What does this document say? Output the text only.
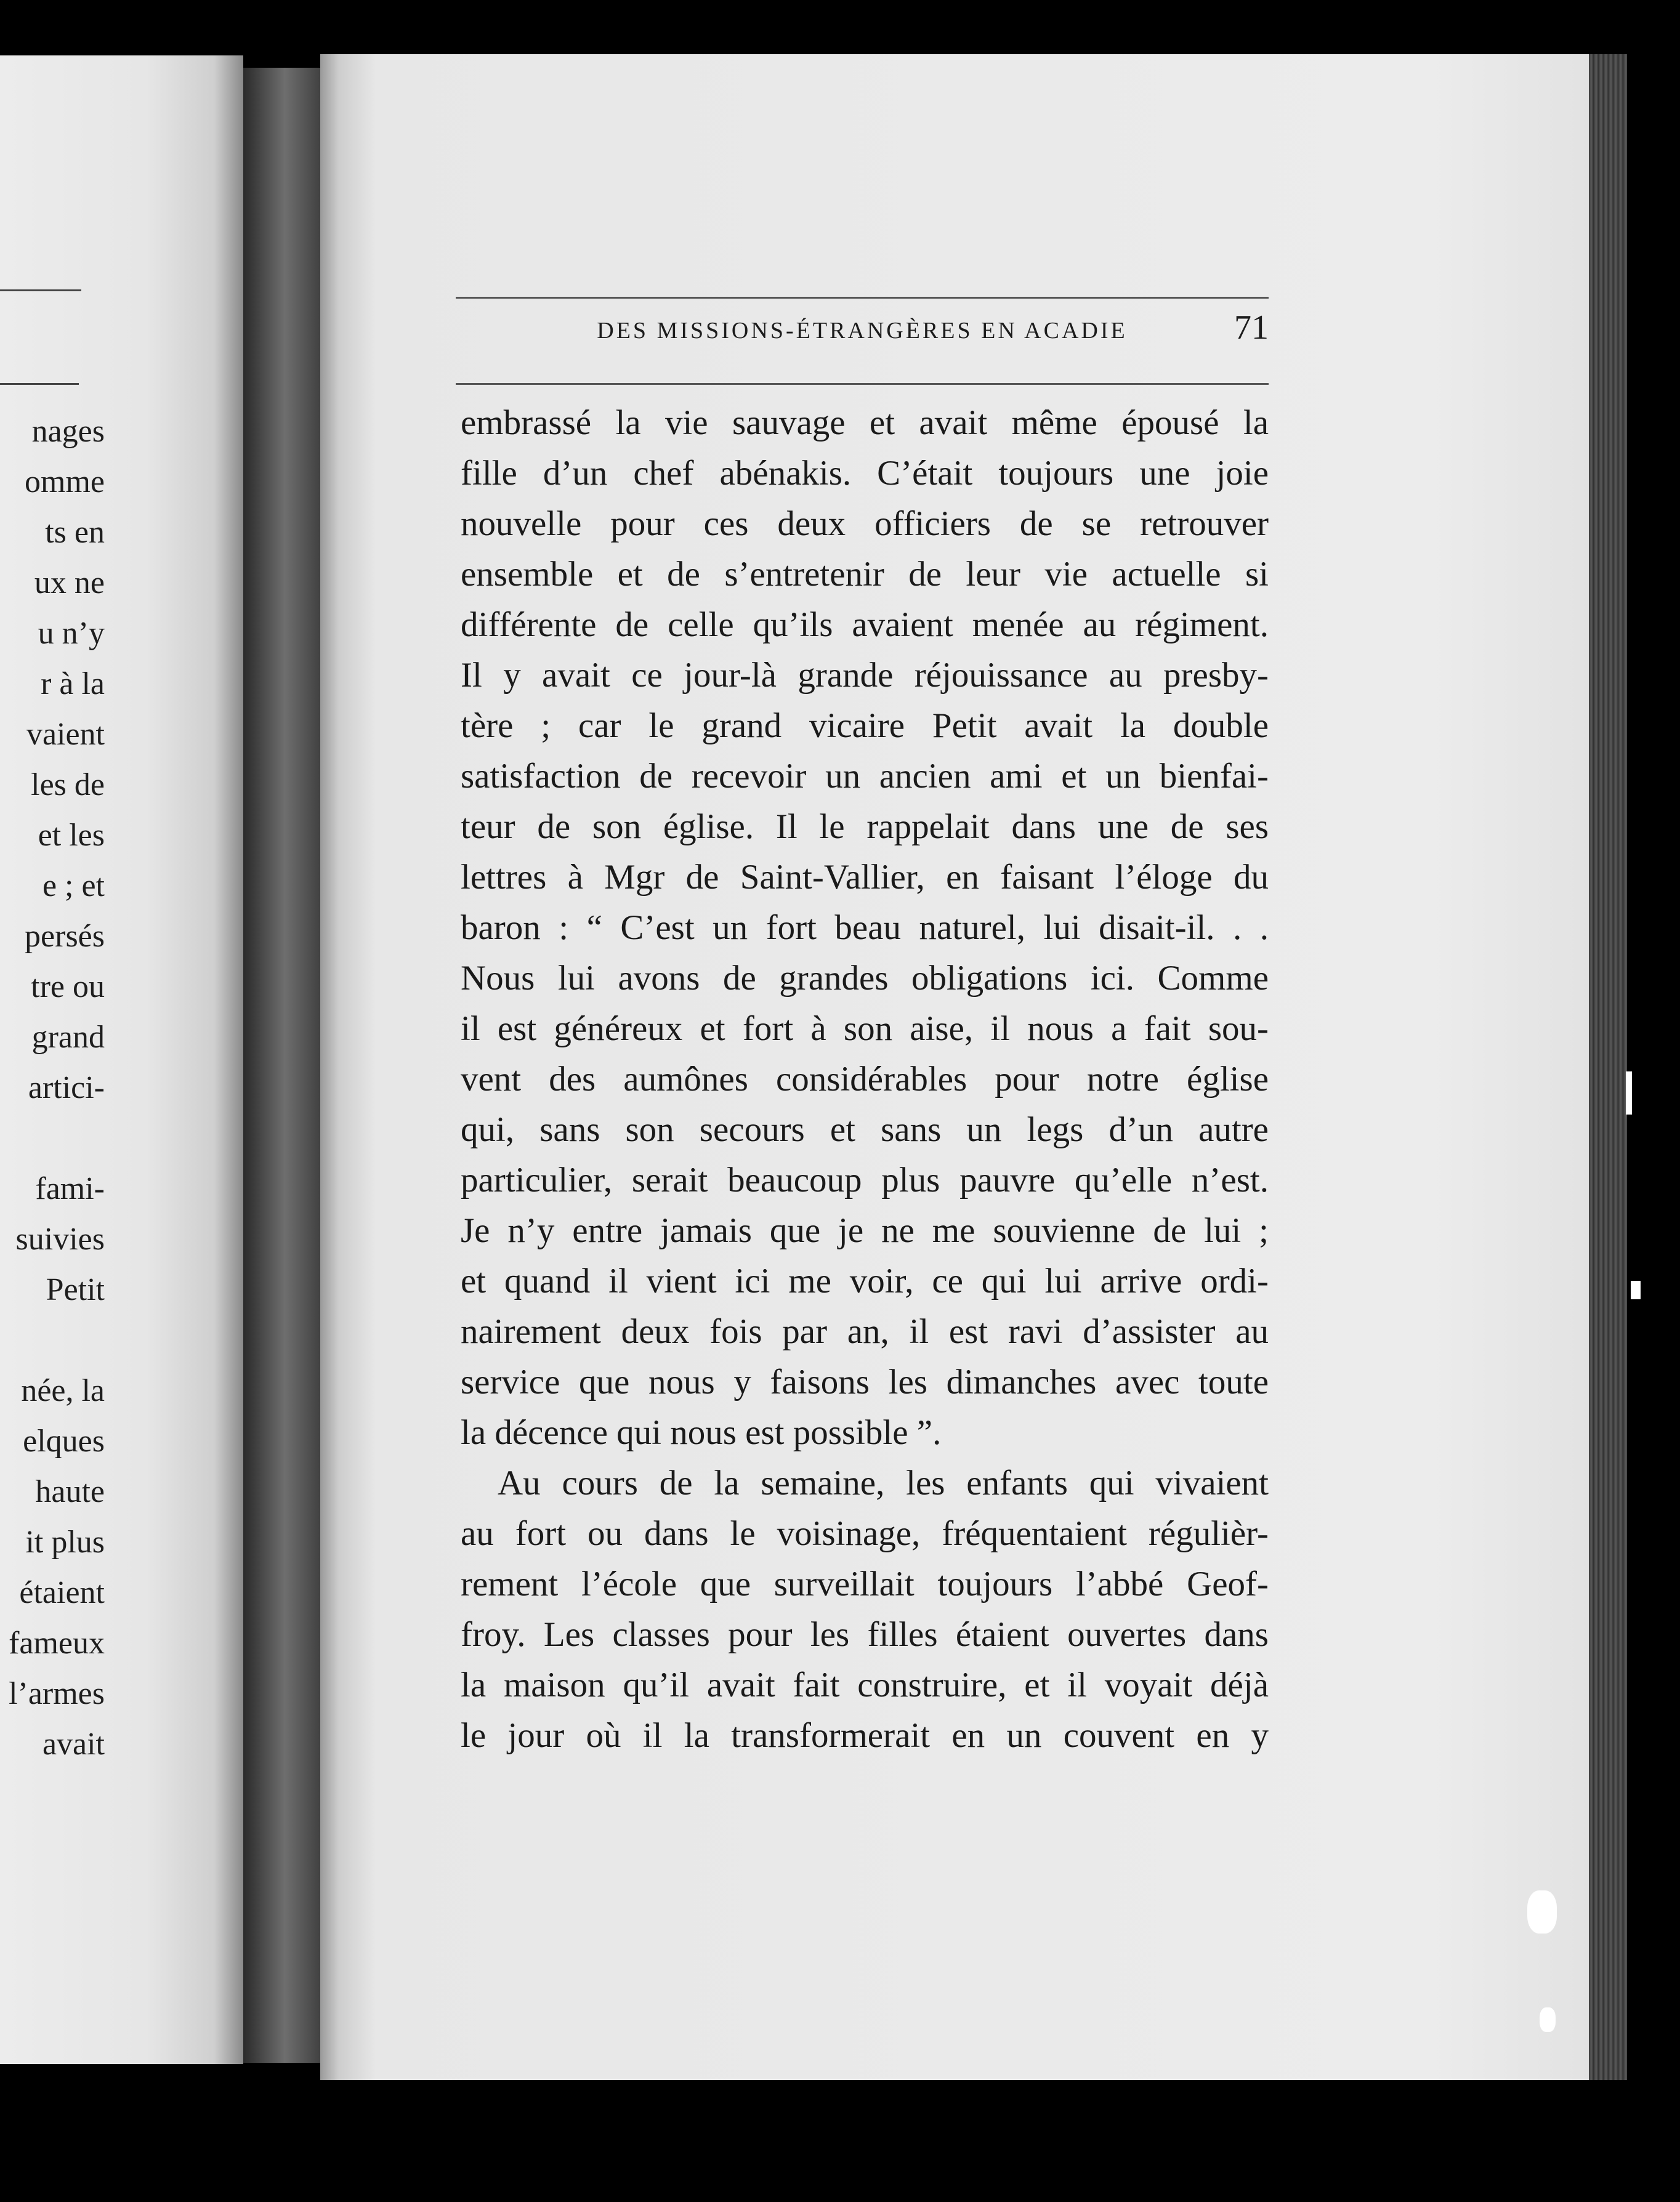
nages
omme
ts en
ux ne
u n’y
r à la
vaient
les de
et les
e ; et
persés
tre ou
grand
artici-
fami-
suivies
Petit
née, la
elques
haute
it plus
étaient
fameux
l’armes
avait
DES MISSIONS-ÉTRANGÈRES EN ACADIE	71
embrassé la vie sauvage et avait même épousé la
fille d’un chef abénakis. C’était toujours une joie
nouvelle pour ces deux officiers de se retrouver
ensemble et de s’entretenir de leur vie actuelle si
différente de celle qu’ils avaient menée au régiment.
Il y avait ce jour-là grande réjouissance au presby-
tère ; car le grand vicaire Petit avait la double
satisfaction de recevoir un ancien ami et un bienfai-
teur de son église. Il le rappelait dans une de ses
lettres à Mgr de Saint-Vallier, en faisant l’éloge du
baron : “ C’est un fort beau naturel, lui disait-il. . .
Nous lui avons de grandes obligations ici. Comme
il est généreux et fort à son aise, il nous a fait sou-
vent des aumônes considérables pour notre église
qui, sans son secours et sans un legs d’un autre
particulier, serait beaucoup plus pauvre qu’elle n’est.
Je n’y entre jamais que je ne me souvienne de lui ;
et quand il vient ici me voir, ce qui lui arrive ordi-
nairement deux fois par an, il est ravi d’assister au
service que nous y faisons les dimanches avec toute
la décence qui nous est possible ”.
Au cours de la semaine, les enfants qui vivaient
au fort ou dans le voisinage, fréquentaient régulièr-
rement l’école que surveillait toujours l’abbé Geof-
froy. Les classes pour les filles étaient ouvertes dans
la maison qu’il avait fait construire, et il voyait déjà
le jour où il la transformerait en un couvent en y
